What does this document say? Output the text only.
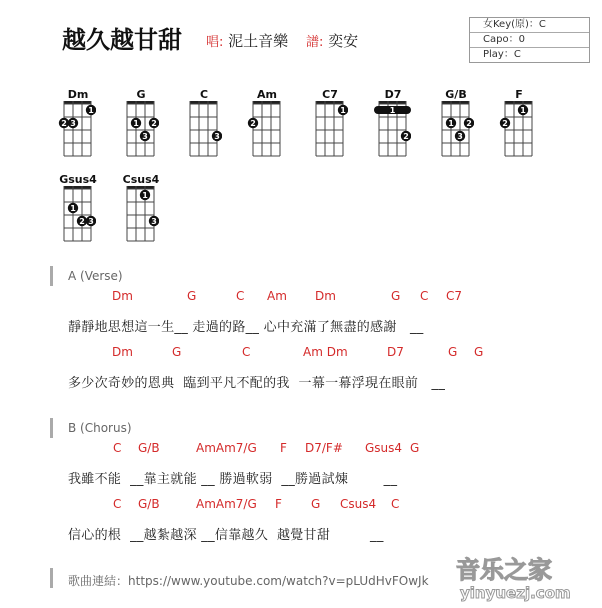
越久越甘甜 唱: 泥土音樂 譜: 奕安
女Key(原)：C
Capo：0
Play：C
Dm
1
2 3
G
1 2
3
C
3
Am
2
C7
1
D7
1
2
G/B
1 2
3
F
1
2
Gsus4
1
2 3
Csus4
1
3
A (Verse)
Dm	G	C Am Dm	G C C7
靜靜地思想這一生__ 走過的路__ 心中充滿了無盡的感謝   __
Dm	G	C	Am Dm	D7	G G
多少次奇妙的恩典  臨到平凡不配的我  一幕一幕浮現在眼前   __
B (Chorus)
C G/B	AmAm7/G F D7/F# Gsus4 G
我雖不能  __靠主就能 __ 勝過軟弱  __勝過試煉        __
C G/B	AmAm7/G F G Csus4 C
信心的根  __越紮越深 __信靠越久  越覺甘甜         __
歌曲連結：https://www.youtube.com/watch?v=pLUdHvFOwJk 音乐之家
yinyuezj.com
